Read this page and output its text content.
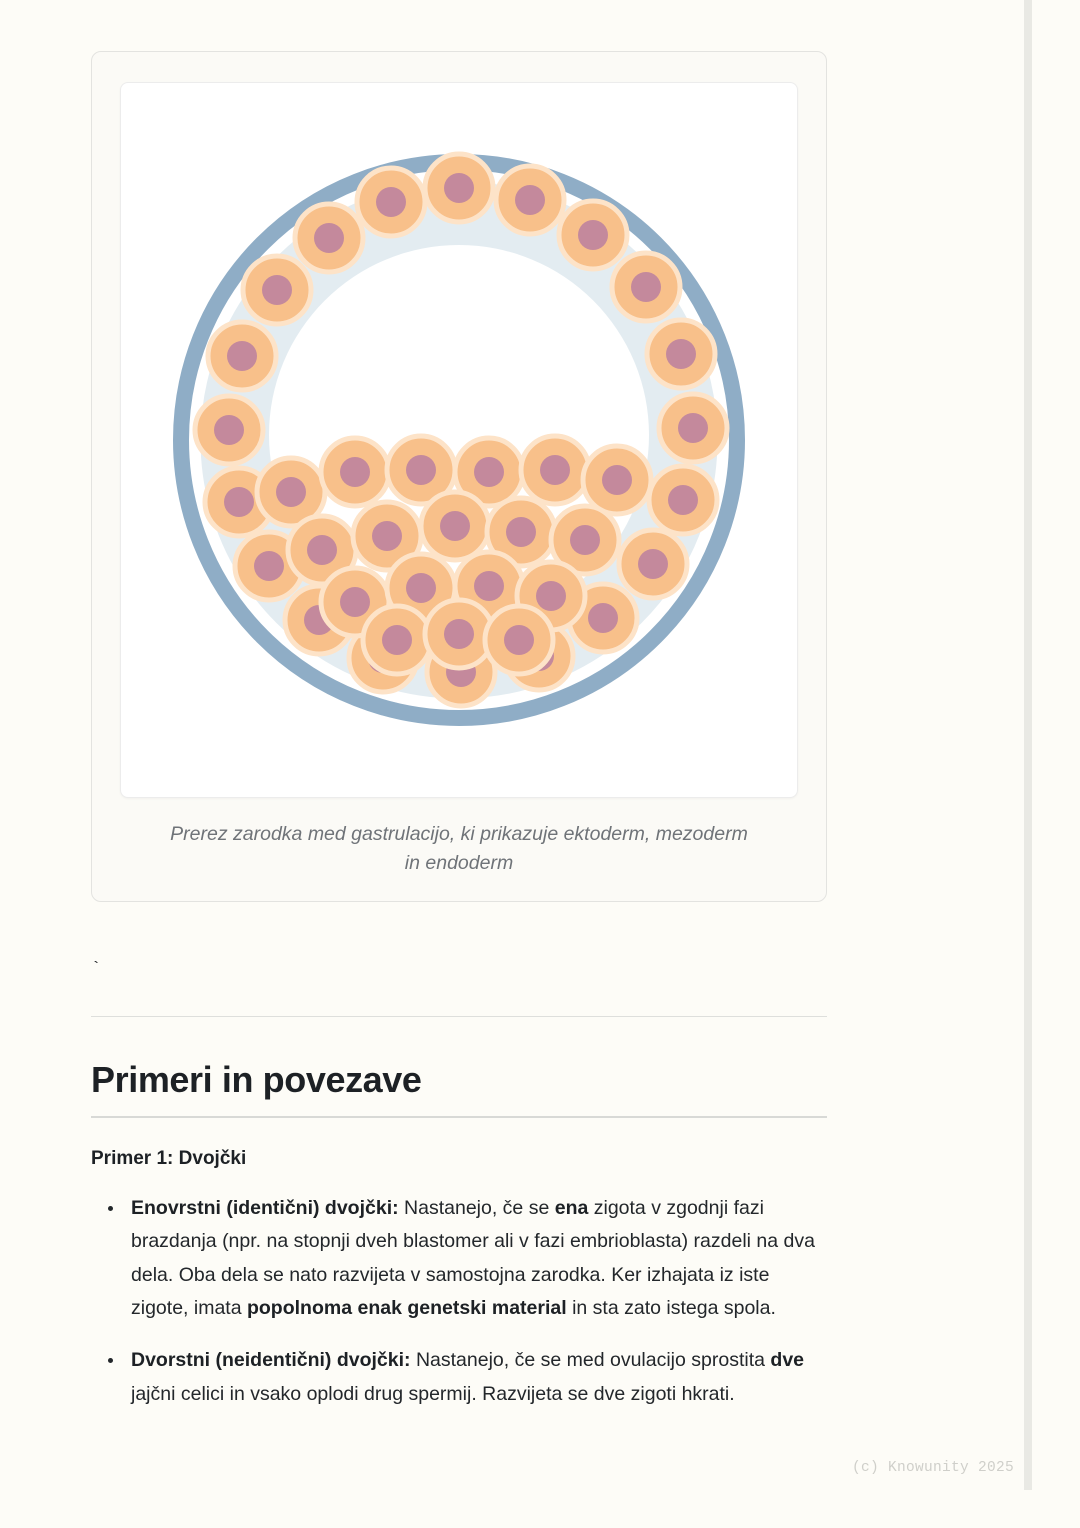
Prerez zarodka med gastrulacijo, ki prikazuje ektoderm, mezoderm in endoderm
`
Primeri in povezave
Primer 1: Dvojčki
• Enovrstni (identični) dvojčki: Nastanejo, če se ena zigota v zgodnji fazi brazdanja (npr. na stopnji dveh blastomer ali v fazi embrioblasta) razdeli na dva dela. Oba dela se nato razvijeta v samostojna zarodka. Ker izhajata iz iste zigote, imata popolnoma enak genetski material in sta zato istega spola.
• Dvorstni (neidentični) dvojčki: Nastanejo, če se med ovulacijo sprostita dve jajčni celici in vsako oplodi drug spermij. Razvijeta se dve zigoti hkrati.
(c) Knowunity 2025
